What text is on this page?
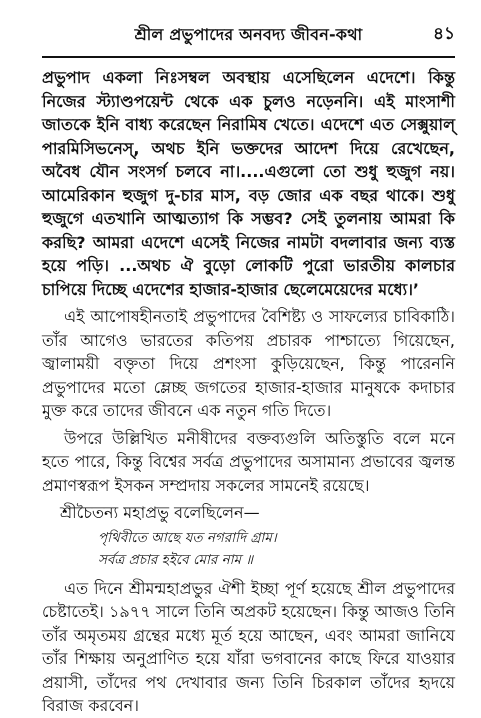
শ্রীল প্রভুপাদের অনবদ্য জীবন-কথা	৪১

প্রভুপাদ একলা নিঃসম্বল অবস্থায় এসেছিলেন এদেশে। কিন্তু নিজের স্ট্যাণ্ডপয়েন্ট থেকে এক চুলও নড়েননি। এই মাংসাশী জাতকে ইনি বাধ্য করেছেন নিরামিষ খেতে। এদেশে এত সেক্সুয়াল্ পারমিসিভনেস্, অথচ ইনি ভক্তদের আদেশ দিয়ে রেখেছেন, অবৈধ যৌন সংসর্গ চলবে না।....এগুলো তো শুধু হুজুগ নয়। আমেরিকান হুজুগ দু-চার মাস, বড় জোর এক বছর থাকে। শুধু হুজুগে এতখানি আত্মত্যাগ কি সম্ভব? সেই তুলনায় আমরা কি করছি? আমরা এদেশে এসেই নিজের নামটা বদলাবার জন্য ব্যস্ত হয়ে পড়ি। ...অথচ ঐ বুড়ো লোকটি পুরো ভারতীয় কালচার চাপিয়ে দিচ্ছে এদেশের হাজার-হাজার ছেলেমেয়েদের মধ্যে।’

এই আপোষহীনতাই প্রভুপাদের বৈশিষ্ট্য ও সাফল্যের চাবিকাঠি। তাঁর আগেও ভারতের কতিপয় প্রচারক পাশ্চাত্যে গিয়েছেন, জ্বালাময়ী বক্তৃতা দিয়ে প্রশংসা কুড়িয়েছেন, কিন্তু পারেননি প্রভুপাদের মতো ম্লেচ্ছ জগতের হাজার-হাজার মানুষকে কদাচার মুক্ত করে তাদের জীবনে এক নতুন গতি দিতে।

উপরে উল্লিখিত মনীষীদের বক্তব্যগুলি অতিস্তুতি বলে মনে হতে পারে, কিন্তু বিশ্বের সর্বত্র প্রভুপাদের অসামান্য প্রভাবের জ্বলন্ত প্রমাণস্বরূপ ইসকন সম্প্রদায় সকলের সামনেই রয়েছে।

শ্রীচৈতন্য মহাপ্রভু বলেছিলেন—

পৃথিবীতে আছে যত নগরাদি গ্রাম।
সর্বত্র প্রচার হইবে মোর নাম ॥

এত দিনে শ্রীমন্মহাপ্রভুর ঐশী ইচ্ছা পূর্ণ হয়েছে শ্রীল প্রভুপাদের চেষ্টাতেই। ১৯৭৭ সালে তিনি অপ্রকট হয়েছেন। কিন্তু আজও তিনি তাঁর অমৃতময় গ্রন্থের মধ্যে মূর্ত হয়ে আছেন, এবং আমরা জানিযে তাঁর শিক্ষায় অনুপ্রাণিত হয়ে যাঁরা ভগবানের কাছে ফিরে যাওয়ার প্রয়াসী, তাঁদের পথ দেখাবার জন্য তিনি চিরকাল তাঁদের হৃদয়ে বিরাজ করবেন।
